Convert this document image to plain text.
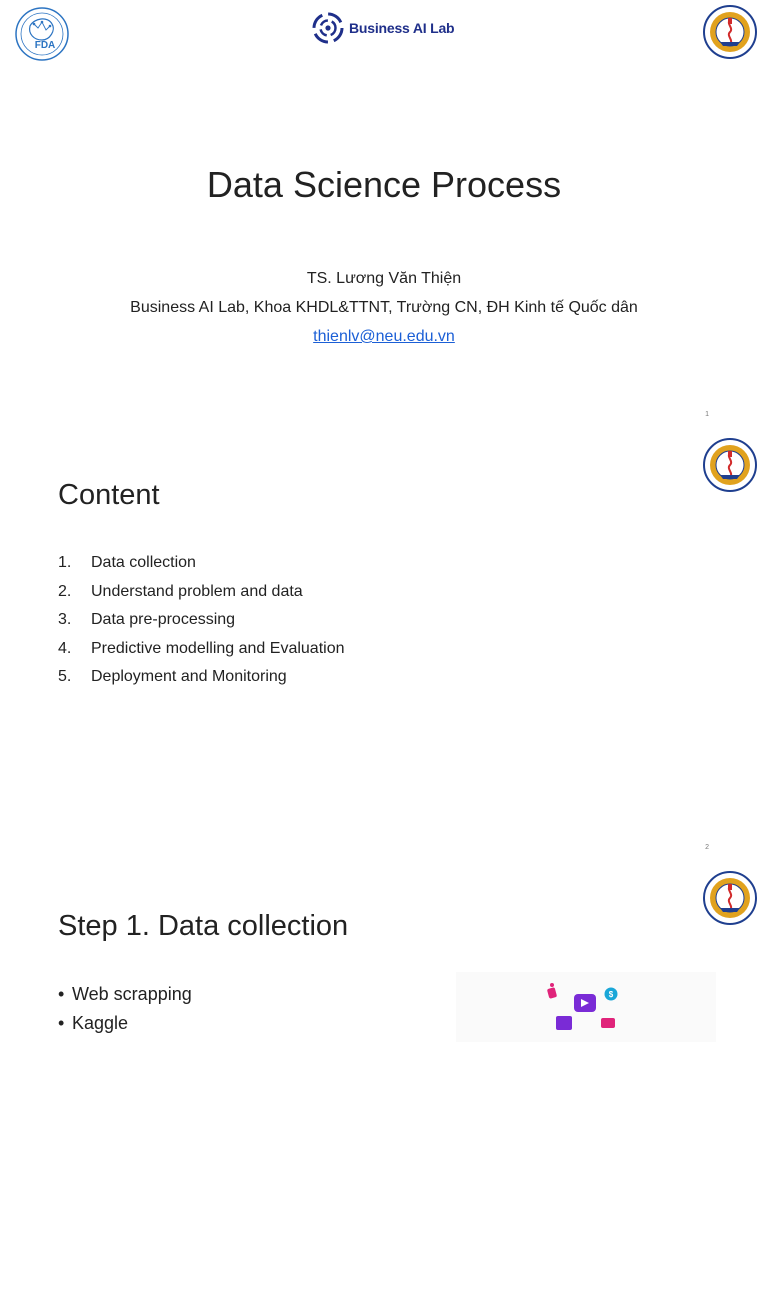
FDA
Business AI Lab
Data Science Process
TS. Lương Văn Thiện
Business AI Lab, Khoa KHDL&TTNT, Trường CN, ĐH Kinh tế Quốc dân
thienlv@neu.edu.vn
1
Content
1.	Data collection
2.	Understand problem and data
3.	Data pre-processing
4.	Predictive modelling and Evaluation
5.	Deployment and Monitoring
2
Step 1. Data collection
• Web scrapping
• Kaggle
$
